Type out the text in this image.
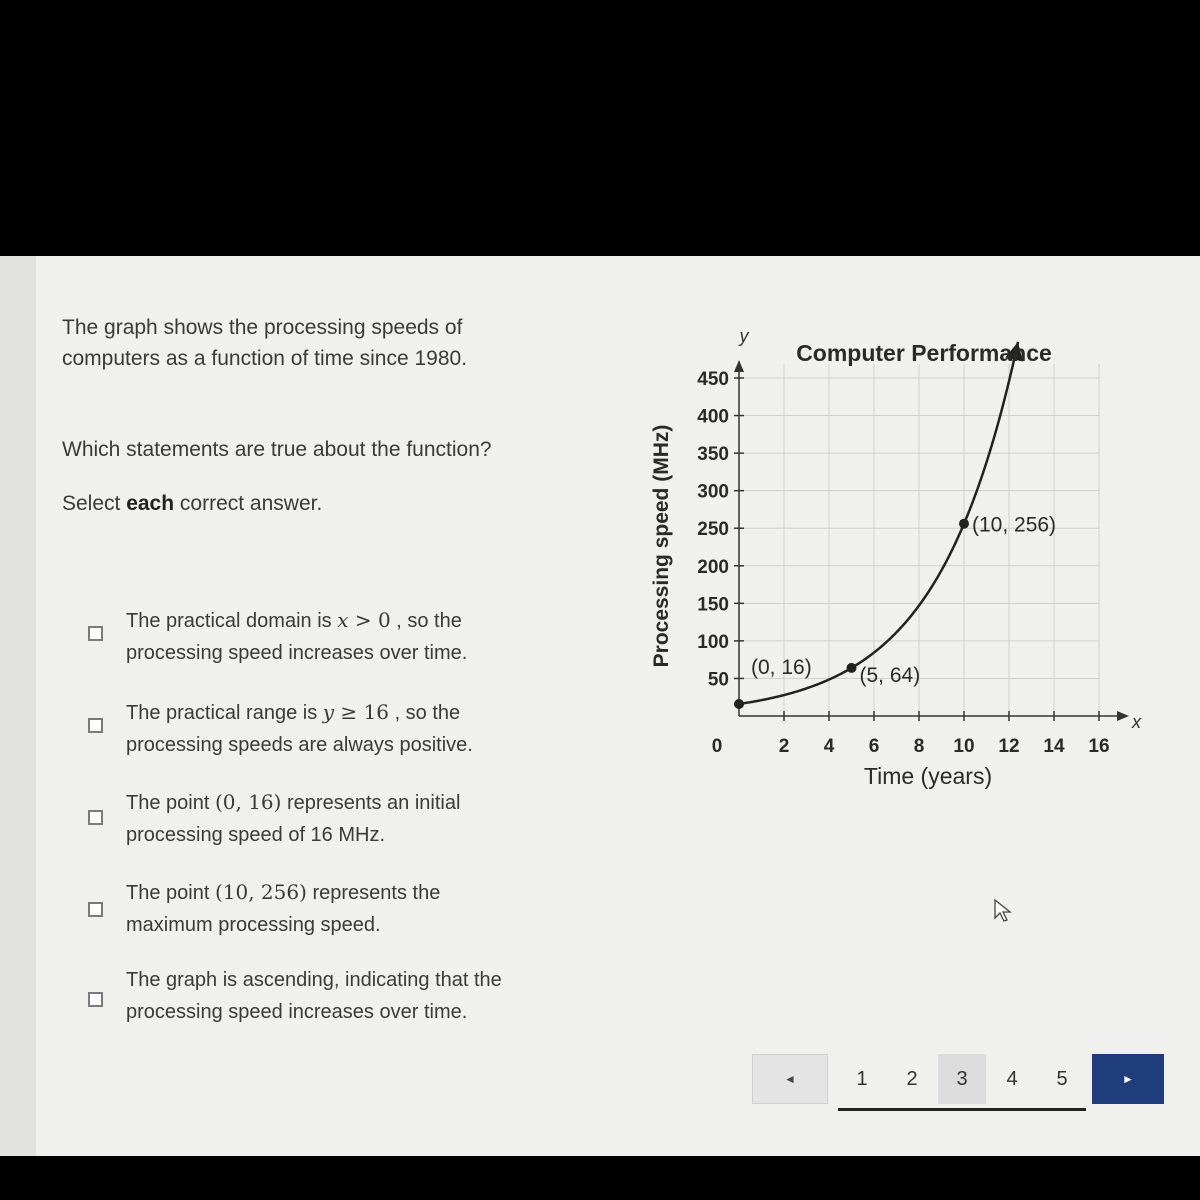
The graph shows the processing speeds of
computers as a function of time since 1980.
Which statements are true about the function?
Select each correct answer.
The practical domain is x > 0 , so the
processing speed increases over time.
The practical range is y ≥ 16 , so the
processing speeds are always positive.
The point (0, 16) represents an initial
processing speed of 16 MHz.
The point (10, 256) represents the
maximum processing speed.
The graph is ascending, indicating that the
processing speed increases over time.
50
100
150
200
250
300
350
400
450
0	2 4 6 8 10 12 14 16
(0, 16) (5, 64)
(10, 256)
Computer Performance
y
x
Time (years)
Processing speed (MHz)
◄	1	2	3	4	5	►
